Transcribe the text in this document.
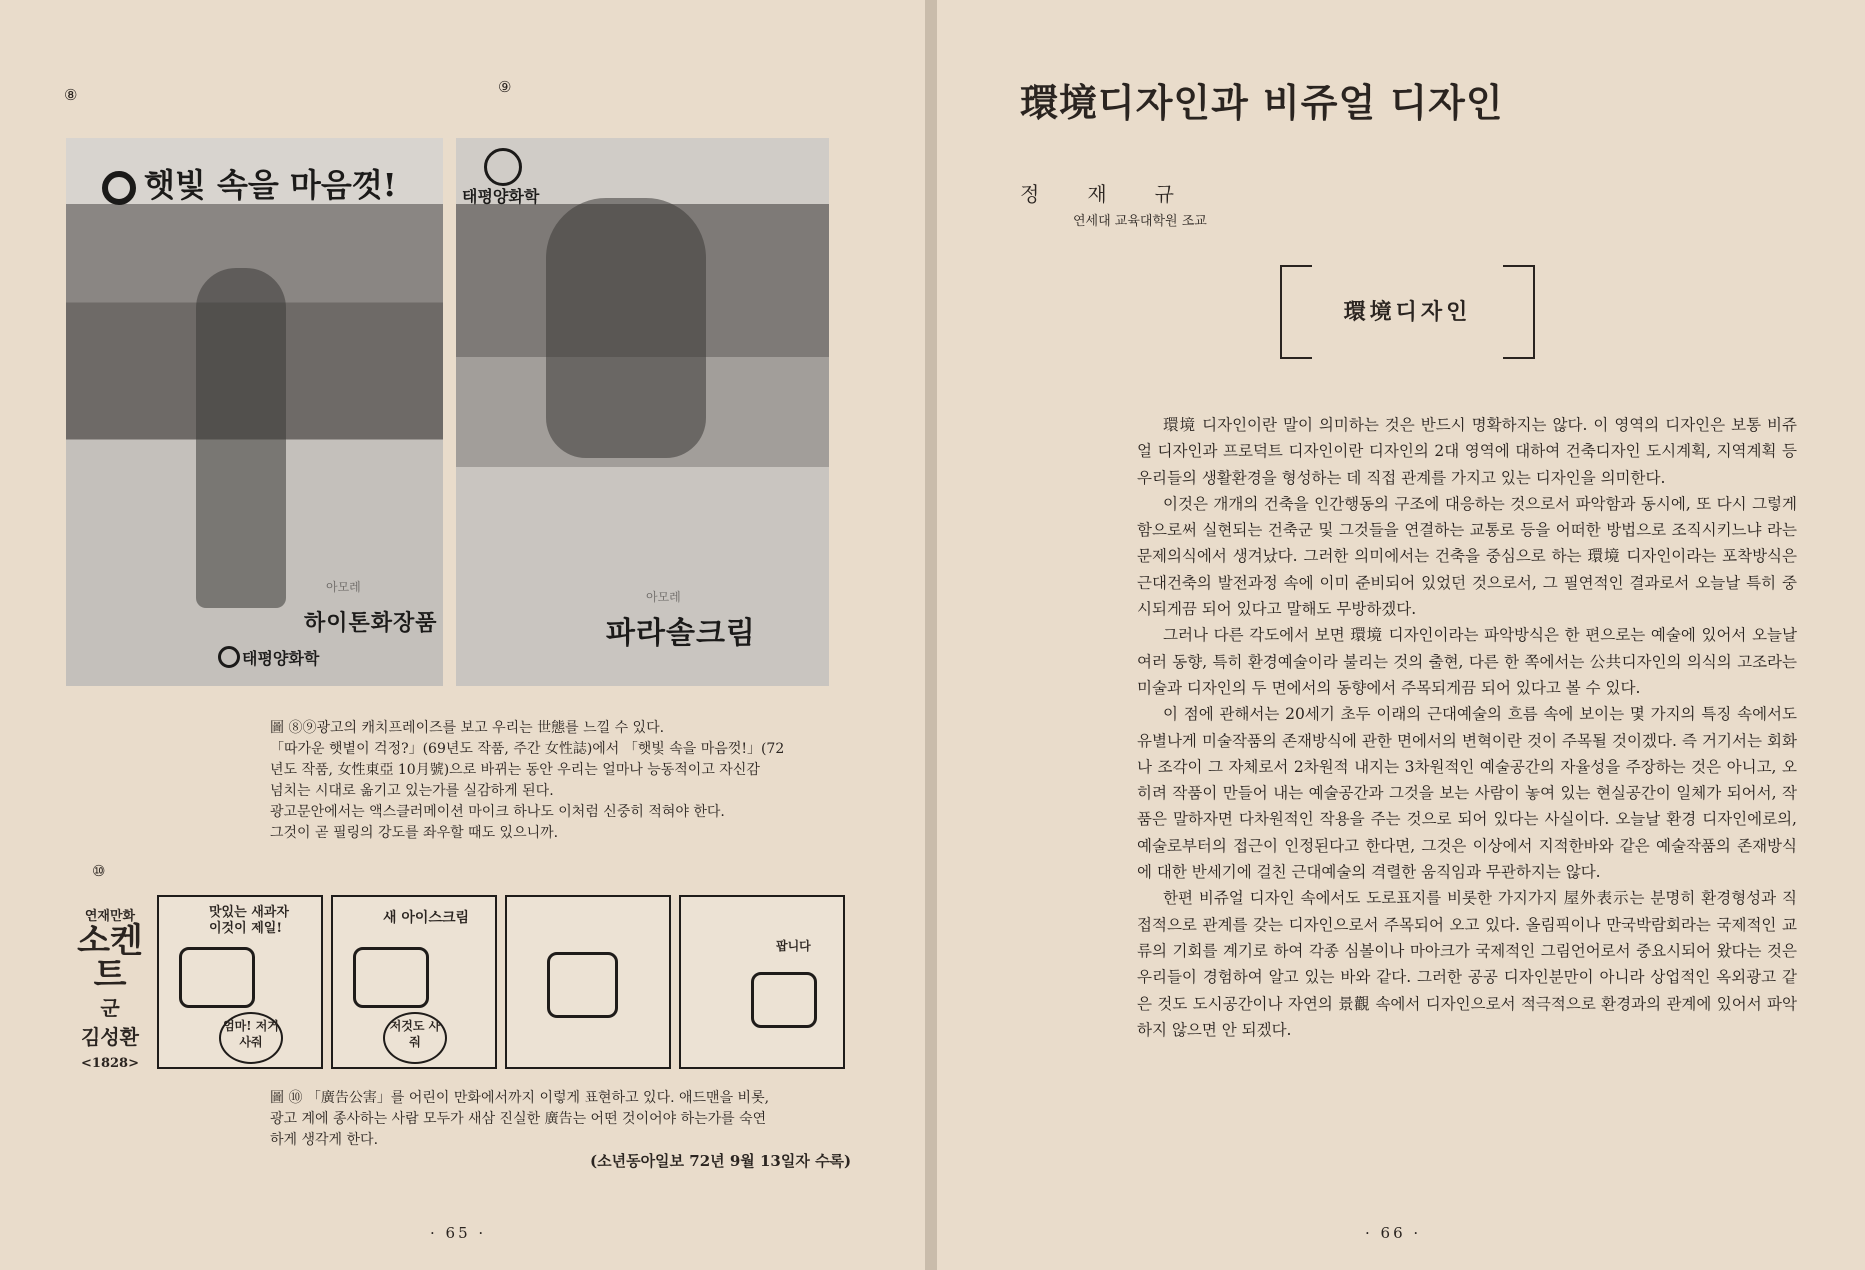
⑧	⑨
햇빛 속을 마음껏!
아모레
하이톤화장품
태평양화학
태평양화학
아모레
파라솔크림

圖 ⑧⑨광고의 캐치프레이즈를 보고 우리는 世態를 느낄 수 있다.

「따가운 햇볕이 걱정?」(69년도 작품, 주간 女性誌)에서 「햇빛 속을 마음껏!」(72

년도 작품, 女性東亞 10月號)으로 바뀌는 동안 우리는 얼마나 능동적이고 자신감

넘치는 시대로 옮기고 있는가를 실감하게 된다.

광고문안에서는 액스클러메이션 마이크 하나도 이처럼 신중히 적혀야 한다.

그것이 곧 필링의 강도를 좌우할 때도 있으니까.

⑩
연재만화
소켄트
군
김성환
<1828>
맛있는 새과자 이것이 제일!
엄마! 저거사줘
새 아이스크림
저것도 사줘
팝니다

圖 ⑩ 「廣告公害」를 어린이 만화에서까지 이렇게 표현하고 있다. 애드맨을 비롯,

광고 계에 종사하는 사람 모두가 새삼 진실한 廣告는 어떤 것이어야 하는가를 숙연

하게 생각게 한다.

(소년동아일보 72년 9월 13일자 수록)
· 65 ·
環境디자인과 비쥬얼 디자인
정재규
연세대 교육대학원 조교
環境디자인

環境 디자인이란 말이 의미하는 것은 반드시 명확하지는 않다. 이 영역의 디자인은 보통 비쥬얼 디자인과 프로덕트 디자인이란 디자인의 2대 영역에 대하여 건축디자인 도시계획, 지역계획 등 우리들의 생활환경을 형성하는 데 직접 관계를 가지고 있는 디자인을 의미한다.

이것은 개개의 건축을 인간행동의 구조에 대응하는 것으로서 파악함과 동시에, 또 다시 그렇게 함으로써 실현되는 건축군 및 그것들을 연결하는 교통로 등을 어떠한 방법으로 조직시키느냐 라는 문제의식에서 생겨났다. 그러한 의미에서는 건축을 중심으로 하는 環境 디자인이라는 포착방식은 근대건축의 발전과정 속에 이미 준비되어 있었던 것으로서, 그 필연적인 결과로서 오늘날 특히 중시되게끔 되어 있다고 말해도 무방하겠다.

그러나 다른 각도에서 보면 環境 디자인이라는 파악방식은 한 편으로는 예술에 있어서 오늘날 여러 동향, 특히 환경예술이라 불리는 것의 출현, 다른 한 쪽에서는 公共디자인의 의식의 고조라는 미술과 디자인의 두 면에서의 동향에서 주목되게끔 되어 있다고 볼 수 있다.

이 점에 관해서는 20세기 초두 이래의 근대예술의 흐름 속에 보이는 몇 가지의 특징 속에서도 유별나게 미술작품의 존재방식에 관한 면에서의 변혁이란 것이 주목될 것이겠다. 즉 거기서는 회화나 조각이 그 자체로서 2차원적 내지는 3차원적인 예술공간의 자율성을 주장하는 것은 아니고, 오히려 작품이 만들어 내는 예술공간과 그것을 보는 사람이 놓여 있는 현실공간이 일체가 되어서, 작품은 말하자면 다차원적인 작용을 주는 것으로 되어 있다는 사실이다. 오늘날 환경 디자인에로의, 예술로부터의 접근이 인정된다고 한다면, 그것은 이상에서 지적한바와 같은 예술작품의 존재방식에 대한 반세기에 걸친 근대예술의 격렬한 움직임과 무관하지는 않다.

한편 비쥬얼 디자인 속에서도 도로표지를 비롯한 가지가지 屋外表示는 분명히 환경형성과 직접적으로 관계를 갖는 디자인으로서 주목되어 오고 있다. 올림픽이나 만국박람회라는 국제적인 교류의 기회를 계기로 하여 각종 심볼이나 마아크가 국제적인 그림언어로서 중요시되어 왔다는 것은 우리들이 경험하여 알고 있는 바와 같다. 그러한 공공 디자인분만이 아니라 상업적인 옥외광고 같은 것도 도시공간이나 자연의 景觀 속에서 디자인으로서 적극적으로 환경과의 관계에 있어서 파악하지 않으면 안 되겠다.

· 66 ·
